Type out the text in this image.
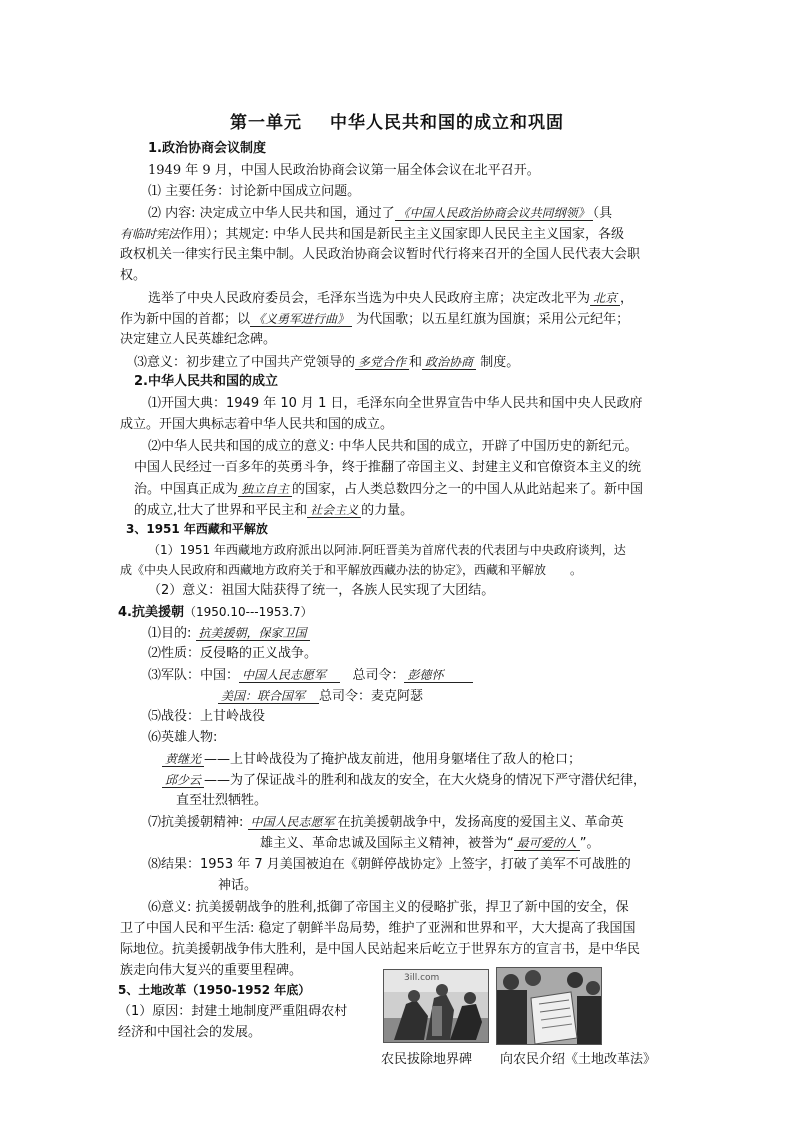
第一单元 中华人民共和国的成立和巩固
1.政治协商会议制度
1949 年 9 月，中国人民政治协商会议第一届全体会议在北平召开。
⑴ 主要任务：讨论新中国成立问题。
⑵ 内容: 决定成立中华人民共和国，通过了 《中国人民政治协商会议共同纲领》 （具
有临时宪法作用）；其规定: 中华人民共和国是新民主主义国家即人民民主主义国家，各级
政权机关一律实行民主集中制。人民政治协商会议暂时代行将来召开的全国人民代表大会职
权。
选举了中央人民政府委员会，毛泽东当选为中央人民政府主席；决定改北平为 北京 ，
作为新中国的首都；以 《义勇军进行曲》 为代国歌；以五星红旗为国旗；采用公元纪年；
决定建立人民英雄纪念碑。
⑶意义：初步建立了中国共产党领导的 多党合作 和 政治协商 制度。
2.中华人民共和国的成立
⑴开国大典：1949 年 10 月 1 日，毛泽东向全世界宣告中华人民共和国中央人民政府
成立。开国大典标志着中华人民共和国的成立。
⑵中华人民共和国的成立的意义: 中华人民共和国的成立，开辟了中国历史的新纪元。
中国人民经过一百多年的英勇斗争，终于推翻了帝国主义、封建主义和官僚资本主义的统
治。中国真正成为 独立自主 的国家，占人类总数四分之一的中国人从此站起来了。新中国
的成立,壮大了世界和平民主和 社会主义 的力量。
3、1951 年西藏和平解放
（1）1951 年西藏地方政府派出以阿沛.阿旺晋美为首席代表的代表团与中央政府谈判，达
成《中央人民政府和西藏地方政府关于和平解放西藏办法的协定》，西藏和平解放　　。
（2）意义：祖国大陆获得了统一，各族人民实现了大团结。
4.抗美援朝（1950.10---1953.7）
⑴目的: 抗美援朝，保家卫国
⑵性质：反侵略的正义战争。
⑶军队：中国： 中国人民志愿军 总司令： 彭德怀
美国：联合国军 总司令：麦克阿瑟
⑸战役：上甘岭战役
⑹英雄人物:
黄继光 ——上甘岭战役为了掩护战友前进，他用身躯堵住了敌人的枪口；
邱少云 ——为了保证战斗的胜利和战友的安全，在大火烧身的情况下严守潜伏纪律，
直至壮烈牺牲。
⑺抗美援朝精神: 中国人民志愿军 在抗美援朝战争中，发扬高度的爱国主义、革命英
雄主义、革命忠诚及国际主义精神，被誉为“ 最可爱的人 ”。
⑻结果：1953 年 7 月美国被迫在《朝鲜停战协定》上签字，打破了美军不可战胜的
神话。
⑹意义: 抗美援朝战争的胜利,抵御了帝国主义的侵略扩张，捍卫了新中国的安全，保
卫了中国人民和平生活: 稳定了朝鲜半岛局势，维护了亚洲和世界和平，大大提高了我国国
际地位。抗美援朝战争伟大胜利，是中国人民站起来后屹立于世界东方的宣言书，是中华民
族走向伟大复兴的重要里程碑。
5、土地改革（1950-1952 年底）
（1）原因：封建土地制度严重阻碍农村
经济和中国社会的发展。
3ill.com
农民拔除地界碑 向农民介绍《土地改革法》
